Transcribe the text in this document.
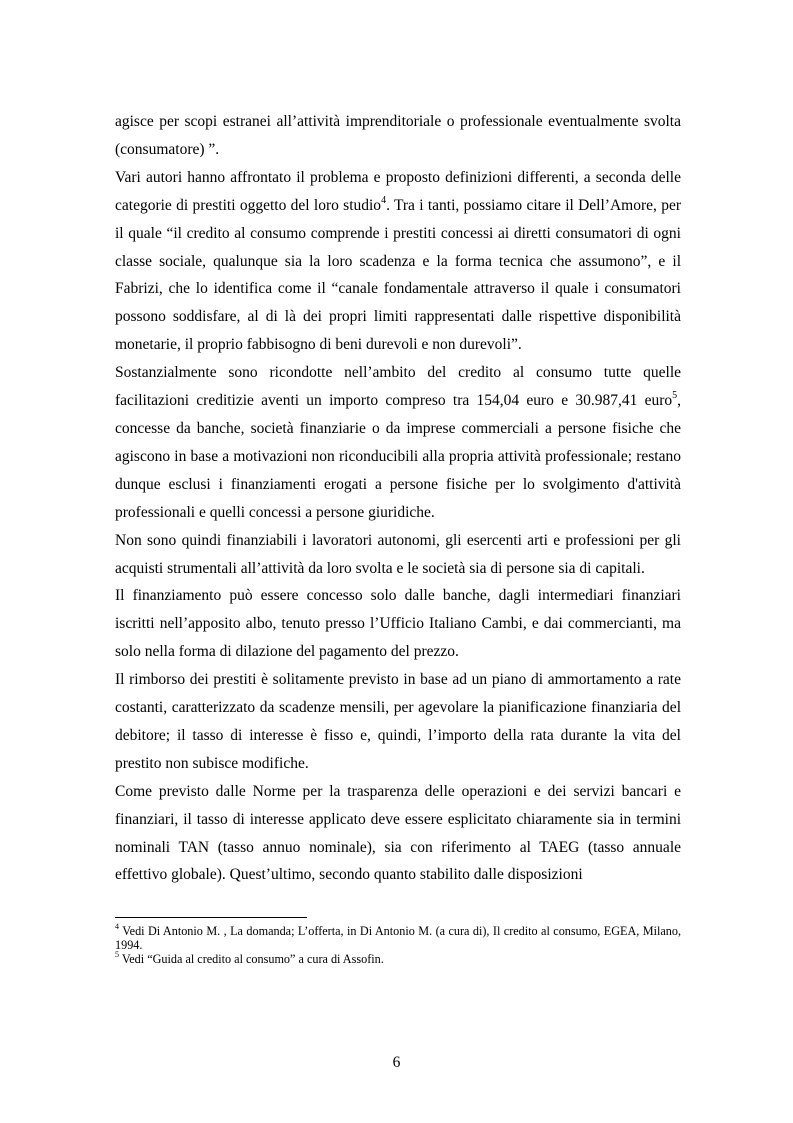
agisce per scopi estranei all’attività imprenditoriale o professionale eventualmente svolta (consumatore) ”.

Vari autori hanno affrontato il problema e proposto definizioni differenti, a seconda delle categorie di prestiti oggetto del loro studio$^4$. Tra i tanti, possiamo citare il Dell’Amore, per il quale “il credito al consumo comprende i prestiti concessi ai diretti consumatori di ogni classe sociale, qualunque sia la loro scadenza e la forma tecnica che assumono”, e il Fabrizi, che lo identifica come il “canale fondamentale attraverso il quale i consumatori possono soddisfare, al di là dei propri limiti rappresentati dalle rispettive disponibilità monetarie, il proprio fabbisogno di beni durevoli e non durevoli”.

Sostanzialmente sono ricondotte nell’ambito del credito al consumo tutte quelle facilitazioni creditizie aventi un importo compreso tra 154,04 euro e 30.987,41 euro$^5$, concesse da banche, società finanziarie o da imprese commerciali a persone fisiche che agiscono in base a motivazioni non riconducibili alla propria attività professionale; restano dunque esclusi i finanziamenti erogati a persone fisiche per lo svolgimento d'attività professionali e quelli concessi a persone giuridiche.

Non sono quindi finanziabili i lavoratori autonomi, gli esercenti arti e professioni per gli acquisti strumentali all’attività da loro svolta e le società sia di persone sia di capitali.

Il finanziamento può essere concesso solo dalle banche, dagli intermediari finanziari iscritti nell’apposito albo, tenuto presso l’Ufficio Italiano Cambi, e dai commercianti, ma solo nella forma di dilazione del pagamento del prezzo.

Il rimborso dei prestiti è solitamente previsto in base ad un piano di ammortamento a rate costanti, caratterizzato da scadenze mensili, per agevolare la pianificazione finanziaria del debitore; il tasso di interesse è fisso e, quindi, l’importo della rata durante la vita del prestito non subisce modifiche.

Come previsto dalle Norme per la trasparenza delle operazioni e dei servizi bancari e finanziari, il tasso di interesse applicato deve essere esplicitato chiaramente sia in termini nominali TAN (tasso annuo nominale), sia con riferimento al TAEG (tasso annuale effettivo globale). Quest’ultimo, secondo quanto stabilito dalle disposizioni

$^4$ Vedi Di Antonio M. , La domanda; L’offerta, in Di Antonio M. (a cura di), Il credito al consumo, EGEA, Milano, 1994.

$^5$ Vedi “Guida al credito al consumo” a cura di Assofin.

6
